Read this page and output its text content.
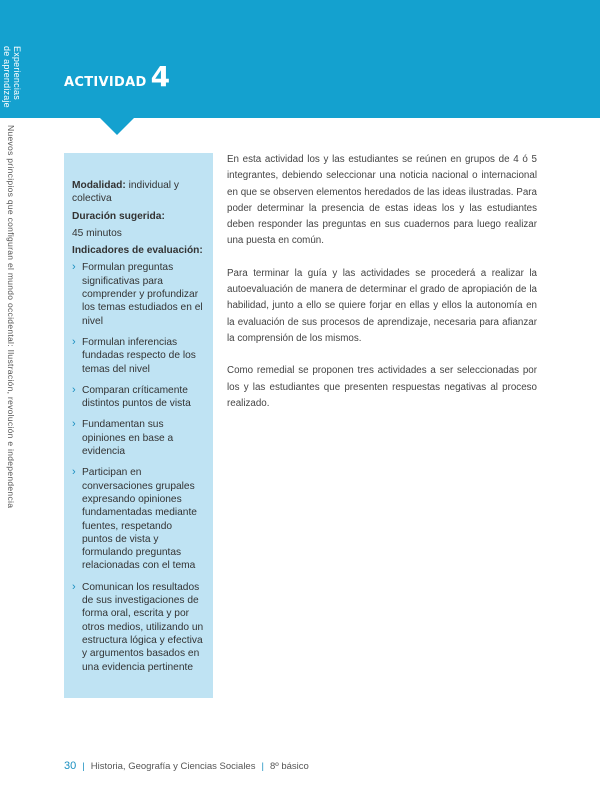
Experiencias
de aprendizaje	ACTIVIDAD 4
Nuevos principios que configuran el mundo occidental: Ilustración, revolución e independencia	Modalidad: individual y colectiva

Duración sugerida:

45 minutos

Indicadores de evaluación:

› Formulan preguntas significativas para comprender y profundizar los temas estudiados en el nivel
› Formulan inferencias fundadas respecto de los temas del nivel
› Comparan críticamente distintos puntos de vista
› Fundamentan sus opiniones en base a evidencia
› Participan en conversaciones grupales expresando opiniones fundamentadas mediante fuentes, respetando puntos de vista y formulando preguntas relacionadas con el tema
› Comunican los resultados de sus investigaciones de forma oral, escrita y por otros medios, utilizando un estructura lógica y efectiva y argumentos basados en una evidencia pertinente

En esta actividad los y las estudiantes se reúnen en grupos de 4 ó 5 integrantes, debiendo seleccionar una noticia nacional o internacional en que se observen elementos heredados de las ideas ilustradas. Para poder determinar la presencia de estas ideas los y las estudiantes deben responder las preguntas en sus cuadernos para luego realizar una puesta en común.

Para terminar la guía y las actividades se procederá a realizar la autoevaluación de manera de determinar el grado de apropiación de la habilidad, junto a ello se quiere forjar en ellas y ellos la autonomía en la evaluación de sus procesos de aprendizaje, necesaria para afianzar la comprensión de los mismos.

Como remedial se proponen tres actividades a ser seleccionadas por los y las estudiantes que presenten respuestas negativas al proceso realizado.

30 | Historia, Geografía y Ciencias Sociales | 8º básico
